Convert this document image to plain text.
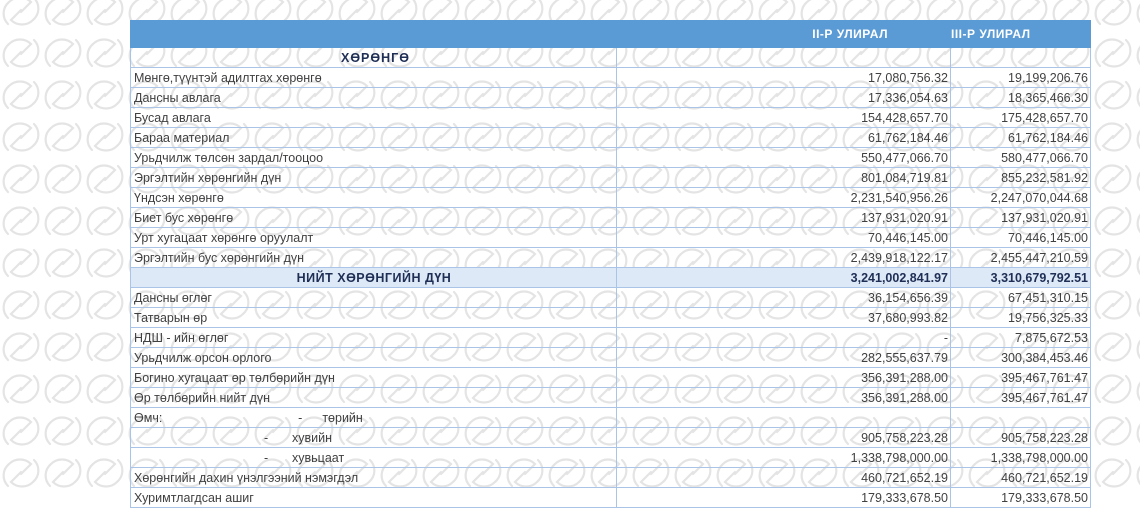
	II-Р УЛИРАЛ	III-Р УЛИРАЛ
ХӨРӨНГӨ		
Мөнгө,түүнтэй адилтгах хөрөнгө	17,080,756.32	19,199,206.76
Дансны авлага	17,336,054.63	18,365,466.30
Бусад авлага	154,428,657.70	175,428,657.70
Бараа материал	61,762,184.46	61,762,184.46
Урьдчилж төлсөн зардал/тооцоо	550,477,066.70	580,477,066.70
Эргэлтийн хөрөнгийн дүн	801,084,719.81	855,232,581.92
Үндсэн хөрөнгө	2,231,540,956.26	2,247,070,044.68
Биет бус хөрөнгө	137,931,020.91	137,931,020.91
Урт хугацаат хөрөнгө оруулалт	70,446,145.00	70,446,145.00
Эргэлтийн бус хөрөнгийн дүн	2,439,918,122.17	2,455,447,210.59
НИЙТ ХӨРӨНГИЙН ДҮН	3,241,002,841.97	3,310,679,792.51
Дансны өглөг	36,154,656.39	67,451,310.15
Татварын өр	37,680,993.82	19,756,325.33
НДШ - ийн өглөг	-	7,875,672.53
Урьдчилж орсон орлого	282,555,637.79	300,384,453.46
Богино хугацаат өр төлбөрийн дүн	356,391,288.00	395,467,761.47
Өр төлбөрийн нийт дүн	356,391,288.00	395,467,761.47
Өмч: - төрийн		
- хувийн	905,758,223.28	905,758,223.28
- хувьцаат	1,338,798,000.00	1,338,798,000.00
Хөрөнгийн дахин үнэлгээний нэмэгдэл	460,721,652.19	460,721,652.19
Хуримтлагдсан ашиг	179,333,678.50	179,333,678.50
